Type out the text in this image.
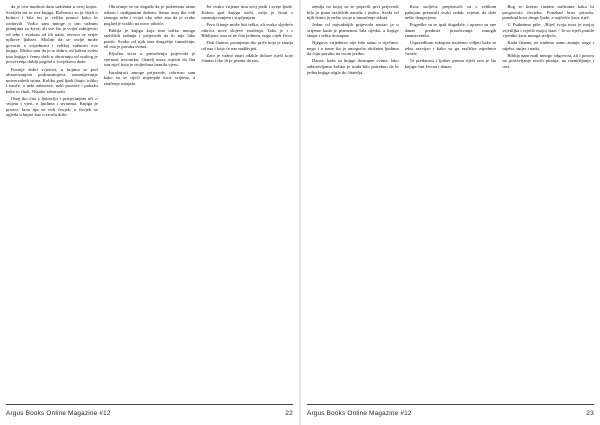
da je ova mudrost data sadržana u ovoj knjizi. Svidjela mi se ova knjiga. Bolesnici su ju čitali u bolnici i bila im je velika pomoć kako bi ozdravili. Vodio sam mnoge o tim važnim pitanjima za život, ali sve što je svijet zahtijevao od tebe i svakom od tih nada, otvorio se svijet njihove ljubavi. Mislim da se ovdje može govoriti o vrijednosti i velikoj važnosti ove knjige. Mislio sam da je to dobro, ali kakvu svrhu ima knjiga i čemu služi u obraćanju od svakog je posvećenja dublji pogled u čovjekovu dušu.

Postoje dobri svjetovi, u kojima se pod obrazovanjem podrazumijeva razumijevanje univerzalnih istina. Koliko god ljudi čitaju, toliko i nauče, a neki zaborave, neki posvete i pokažu kako to služi. Nikako zaboraviti.

Onaj tko čita s ljubavlju i prisjećanjem uči o svijetu i vjeri, o ljudima i stvarima. Knjiga je prozor, kroz nju se vidi čovjek, a čovjek se ogleda u knjizi kao u zrcalu duše.

Obraćanje se ne događa da je pokrenuta samo rukom i uzdignutim duhom. Samo onaj tko vidi samoga sebe i svijet oko sebe zna da je svako poglavlje vodilo na novo otkriće.

Biblija je knjiga koja ima toliko mnogo različitih izdanja i prijevoda da ih nije lako pratiti. Svako od njih ima drugačije tumačenje, ali ista je poruka svima.

Ključna stvar u prenošenju prijevoda je vjernost izvorniku; čitatelj mora osjetiti da čita istu riječ koja je stoljećima hranila vjeru.

Istražujući mnoge prijevode, otkrivao sam kako su se riječi mijenjale kroz vrijeme, a značenje ostajalo.

Jer svako vrijeme ima svoj jezik i svoje ljude. Kakvu god knjigu uzeli, valja je čitati s razumijevanjem i strpljenjem.

Prvo čitanje može biti teško, ali svako sljedeće otkriva nove slojeve značenja. Tako je i s Biblijom: ona se ne čita jednom, nego cijeli život.

Dok čitamo, postajemo dio priče koja je starija od nas i koja će nas nadživjeti.

Zato je važno znati odakle dolaze riječi koje čitamo i tko ih je prenio do nas.

Argus Books Online Magazine #12	22

zemlja na kojoj su se pojavili prvi prijevodi bila je puna različitih naroda i jezika. Svaki od njih donio je nešto svoje u tumačenje teksta.

Jedan od najvažnijih prijevoda nastao je u vrijeme kada je pismenost bila rijetka, a knjige skupe i teško dostupne.

Njegova vrijednost nije bila samo u riječima, nego i u tome što je omogućio običnim ljudima da čuju poruku na svom jeziku.

Danas, kada su knjige dostupne svima, lako zaboravljamo koliko je truda bilo potrebno da bi jedna knjiga stigla do čitatelja.

Kroz stoljeća, prepisivači su s velikom pažnjom prenosili svaki redak, svjesni da drže nešto dragocjeno.

Pogreške su se ipak događale, i upravo su one danas predmet proučavanja mnogih znanstvenika.

Usporedbom rukopisa možemo vidjeti kako se tekst razvijao i kako su ga različite zajednice čuvale.

Ta predanost i ljubav prema riječi ono je što knjigu čini živom i danas.

Bog se koristi raznim načinima kako bi progovorio čovjeku. Ponekad kroz prirodu, ponekad kroz druge ljude, a najčešće kroz riječ.

U Psalmima piše: „Riječ tvoja nozi je mojoj svjetiljka i svjetlo mojoj stazi.“ Te su riječi pratile vjernike kroz mnoga stoljeća.

Kada čitamo, ne tražimo samo znanje, nego i utjehu, smjer i nadu.

Biblija nam nudi mnogo odgovora, ali i poziva na postavljanje novih pitanja, na razmišljanje i rast.

Argus Books Online Magazine #12	23
